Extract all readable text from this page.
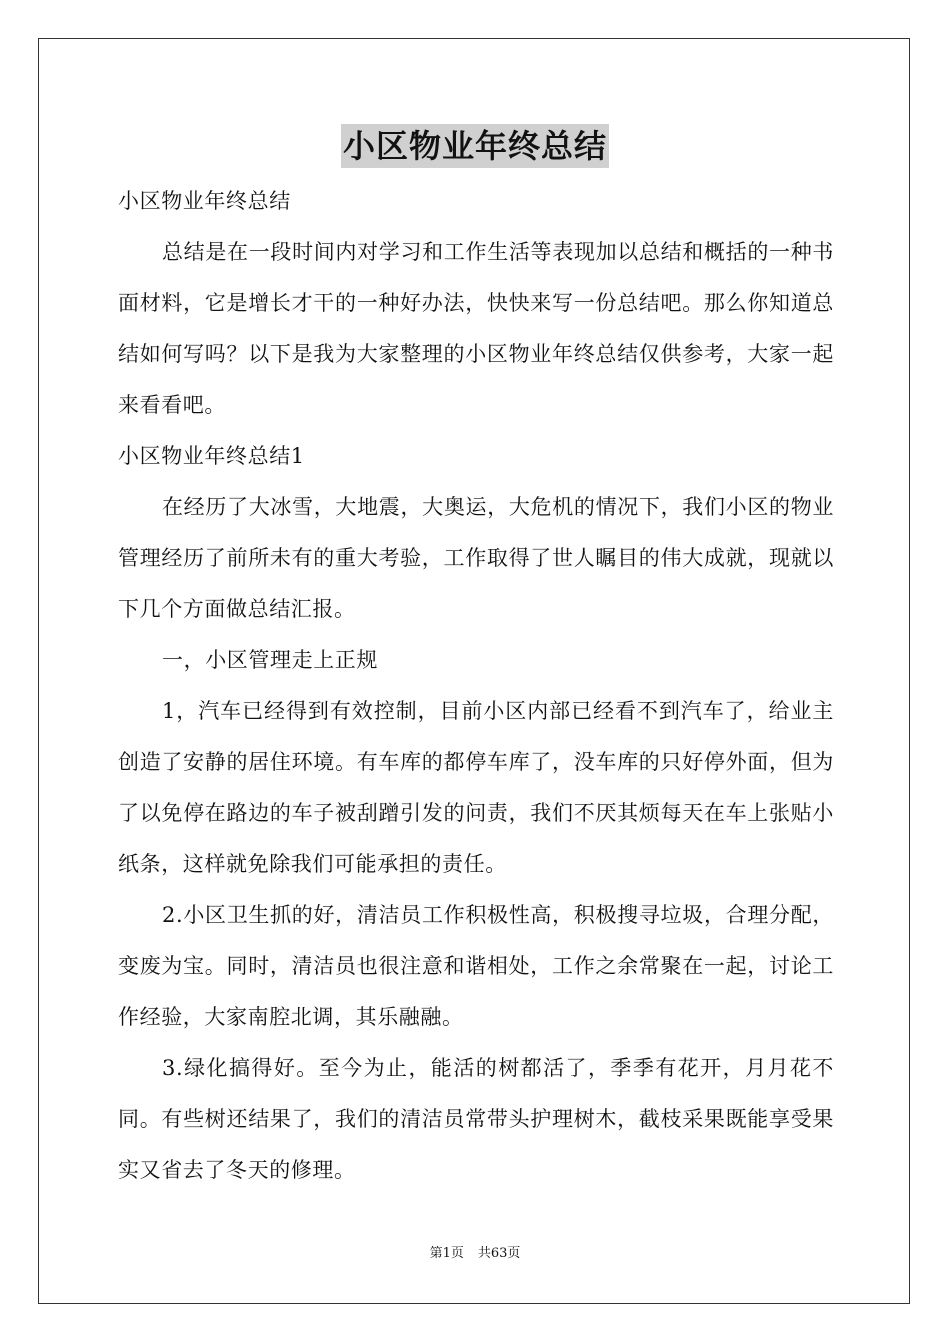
小区物业年终总结

小区物业年终总结

总结是在一段时间内对学习和工作生活等表现加以总结和概括的一种书面材料，它是增长才干的一种好办法，快快来写一份总结吧。那么你知道总结如何写吗？以下是我为大家整理的小区物业年终总结仅供参考，大家一起来看看吧。

小区物业年终总结1

在经历了大冰雪，大地震，大奥运，大危机的情况下，我们小区的物业管理经历了前所未有的重大考验，工作取得了世人瞩目的伟大成就，现就以下几个方面做总结汇报。

一，小区管理走上正规

1，汽车已经得到有效控制，目前小区内部已经看不到汽车了，给业主创造了安静的居住环境。有车库的都停车库了，没车库的只好停外面，但为了以免停在路边的车子被刮蹭引发的问责，我们不厌其烦每天在车上张贴小纸条，这样就免除我们可能承担的责任。

2.小区卫生抓的好，清洁员工作积极性高，积极搜寻垃圾，合理分配，变废为宝。同时，清洁员也很注意和谐相处，工作之余常聚在一起，讨论工作经验，大家南腔北调，其乐融融。

3.绿化搞得好。至今为止，能活的树都活了，季季有花开，月月花不同。有些树还结果了，我们的清洁员常带头护理树木，截枝采果既能享受果实又省去了冬天的修理。

第1页 共63页
